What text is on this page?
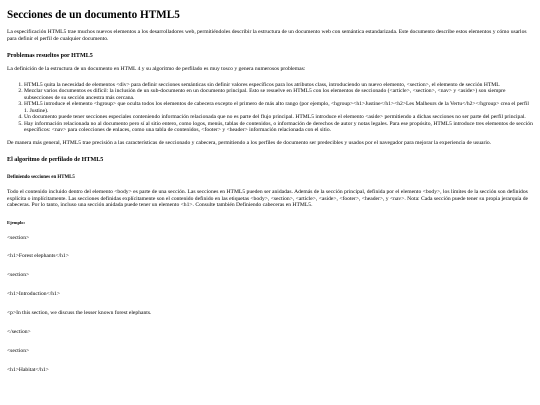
Secciones de un documento HTML5

La especificación HTML5 trae muchos nuevos elementos a los desarrolladores web, permitiéndoles describir la estructura de un documento web con semántica estandarizada. Este documento describe estos elementos y cómo usarlos para definir el perfil de cualquier documento.

Problemas resueltos por HTML5

La definición de la estructura de un documento en HTML 4 y su algoritmo de perfilado es muy tosco y genera numerosos problemas:

1. HTML5 quita la necesidad de elementos <div> para definir secciones semánticas sin definir valores específicos para los atributos class, introduciendo un nuevo elemento, <section>, el elemento de sección HTML
2. Mezclar varios documentos es difícil: la inclusión de un sub-documento en un documento principal. Esto se resuelve en HTML5 con los elementos de seccionado (<article>, <section>, <nav> y <aside>) son siempre subsecciones de su sección ancestra más cercana.
3. HTML5 introduce el elemento <hgroup> que oculta todos los elementos de cabecera excepto el primero de más alto rango (por ejemplo, <hgroup><h1>Justine</h1><h2>Les Malheurs de la Vertu</h2></hgroup> crea el perfil 1. Justine).
4. Un documento puede tener secciones especiales conteniendo información relacionada que no es parte del flujo principal. HTML5 introduce el elemento <aside> permitiendo a dichas secciones no ser parte del perfil principal.
5. Hay información relacionada no al documento pero sí al sitio entero, como logos, menús, tablas de contenidos, o información de derechos de autor y notas legales. Para ese propósito, HTML5 introduce tres elementos de sección específicos: <nav> para colecciones de enlaces, como una tabla de contenidos, <footer> y <header> información relacionada con el sitio.

De manera más general, HTML5 trae precisión a las características de seccionado y cabecera, permitiendo a los perfiles de documento ser predecibles y usados por el navegador para mejorar la experiencia de usuario.

El algoritmo de perfilado de HTML5
Definiendo secciones en HTML5

Todo el contenido incluido dentro del elemento <body> es parte de una sección. Las secciones en HTML5 pueden ser anidadas. Además de la sección principal, definida por el elemento <body>, los límites de la sección son definidos explícita o implícitamente. Las secciones definidas explícitamente son el contenido definido en las etiquetas <body>, <section>, <article>, <aside>, <footer>, <header>, y <nav>. Nota: Cada sección puede tener su propia jerarquía de cabeceras. Por lo tanto, incluso una sección anidada puede tener un elemento <h1>. Consulte también Definiendo cabeceras en HTML5.

Ejemplo:

<section>

<h1>Forest elephants</h1>

<section>

<h1>Introduction</h1>

<p>In this section, we discuss the lesser known forest elephants.

</section>

<section>

<h1>Habitat</h1>
